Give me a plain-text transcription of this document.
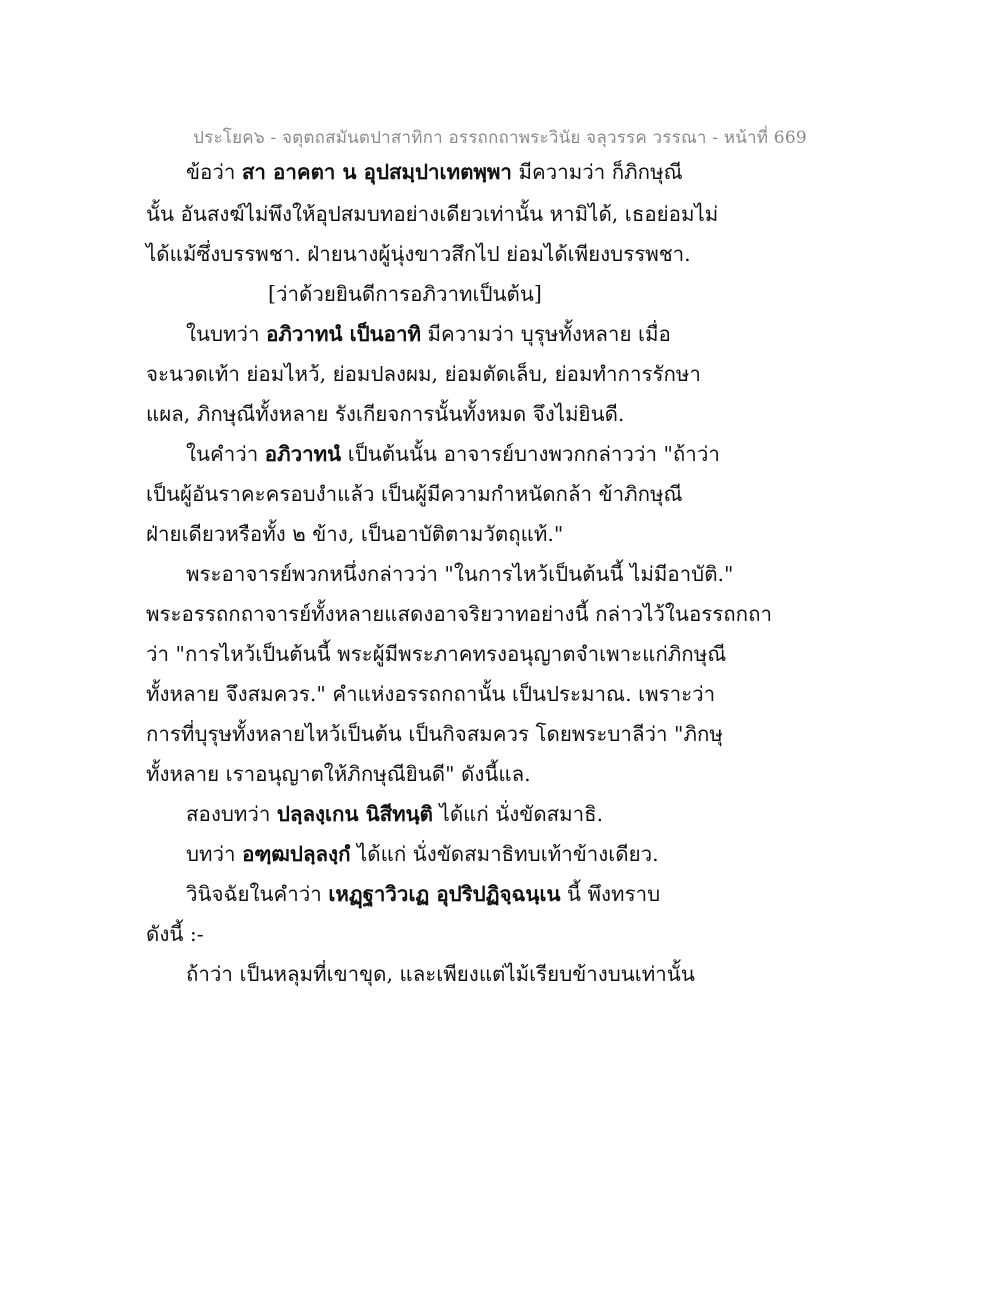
ประโยค๖ - จตุตถสมันตปาสาทิกา อรรถกถาพระวินัย จลุวรรค วรรณา - หน้าที่ 669
ข้อว่า สา อาคตา น อุปสมฺปาเทตพฺพา มีความว่า ก็ภิกษุณี
นั้น อันสงฆ์ไม่พึงให้อุปสมบทอย่างเดียวเท่านั้น หามิได้, เธอย่อมไม่
ได้แม้ซึ่งบรรพชา. ฝ่ายนางผู้นุ่งขาวสึกไป ย่อมได้เพียงบรรพชา.
[ว่าด้วยยินดีการอภิวาทเป็นต้น]
ในบทว่า อภิวาทนํ เป็นอาทิ มีความว่า บุรุษทั้งหลาย เมื่อ
จะนวดเท้า ย่อมไหว้, ย่อมปลงผม, ย่อมตัดเล็บ, ย่อมทำการรักษา
แผล, ภิกษุณีทั้งหลาย รังเกียจการนั้นทั้งหมด จึงไม่ยินดี.
ในคำว่า อภิวาทนํ เป็นต้นนั้น อาจารย์บางพวกกล่าวว่า "ถ้าว่า
เป็นผู้อันราคะครอบงำแล้ว เป็นผู้มีความกำหนัดกล้า ข้าภิกษุณี
ฝ่ายเดียวหรือทั้ง ๒ ข้าง, เป็นอาบัติตามวัตถุแท้."
พระอาจารย์พวกหนึ่งกล่าวว่า "ในการไหว้เป็นต้นนี้ ไม่มีอาบัติ."
พระอรรถกถาจารย์ทั้งหลายแสดงอาจริยวาทอย่างนี้ กล่าวไว้ในอรรถกถา
ว่า "การไหว้เป็นต้นนี้ พระผู้มีพระภาคทรงอนุญาตจำเพาะแก่ภิกษุณี
ทั้งหลาย จึงสมควร." คำแห่งอรรถกถานั้น เป็นประมาณ. เพราะว่า
การที่บุรุษทั้งหลายไหว้เป็นต้น เป็นกิจสมควร โดยพระบาลีว่า "ภิกษุ
ทั้งหลาย เราอนุญาตให้ภิกษุณียินดี" ดังนี้แล.
สองบทว่า ปลฺลงฺเกน นิสีทนฺติ ได้แก่ นั่งขัดสมาธิ.
บทว่า อฑฺฒปลฺลงฺกํ ได้แก่ นั่งขัดสมาธิทบเท้าข้างเดียว.
วินิจฉัยในคำว่า เหฏฺฐาวิวเฏ อุปริปฏิจฺฉนฺเน นี้ พึงทราบ
ดังนี้ :-
ถ้าว่า เป็นหลุมที่เขาขุด, และเพียงแต่ไม้เรียบข้างบนเท่านั้น
